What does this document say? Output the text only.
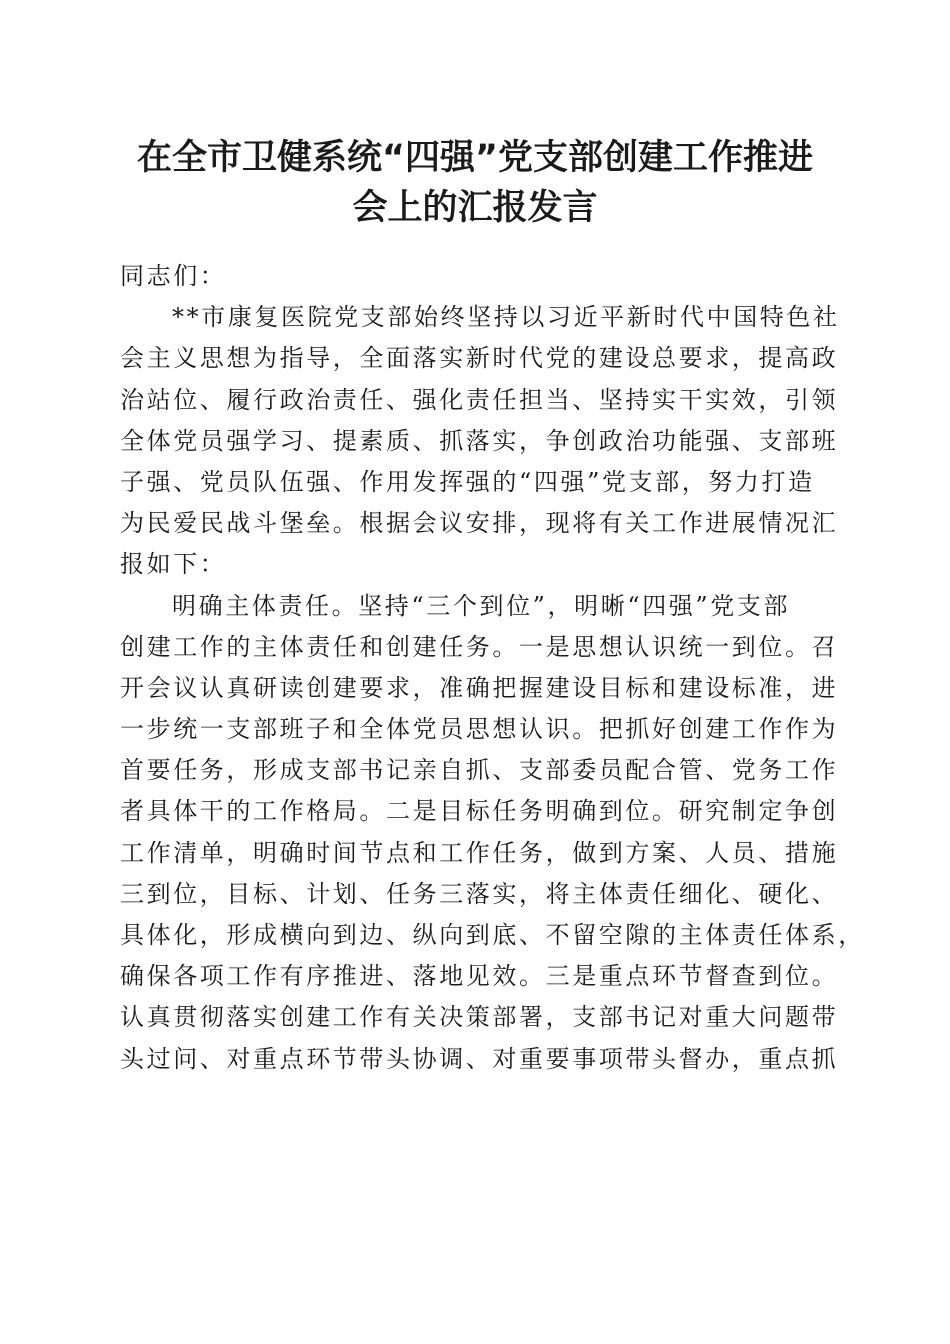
在全市卫健系统“四强”党支部创建工作推进
会上的汇报发言
同志们：
**市康复医院党支部始终坚持以习近平新时代中国特色社
会主义思想为指导，全面落实新时代党的建设总要求，提高政
治站位、履行政治责任、强化责任担当、坚持实干实效，引领
全体党员强学习、提素质、抓落实，争创政治功能强、支部班
子强、党员队伍强、作用发挥强的“四强”党支部，努力打造
为民爱民战斗堡垒。根据会议安排，现将有关工作进展情况汇
报如下：
明确主体责任。坚持“三个到位”，明晰“四强”党支部
创建工作的主体责任和创建任务。一是思想认识统一到位。召
开会议认真研读创建要求，准确把握建设目标和建设标准，进
一步统一支部班子和全体党员思想认识。把抓好创建工作作为
首要任务，形成支部书记亲自抓、支部委员配合管、党务工作
者具体干的工作格局。二是目标任务明确到位。研究制定争创
工作清单，明确时间节点和工作任务，做到方案、人员、措施
三到位，目标、计划、任务三落实，将主体责任细化、硬化、
具体化，形成横向到边、纵向到底、不留空隙的主体责任体系，
确保各项工作有序推进、落地见效。三是重点环节督查到位。
认真贯彻落实创建工作有关决策部署，支部书记对重大问题带
头过问、对重点环节带头协调、对重要事项带头督办，重点抓
